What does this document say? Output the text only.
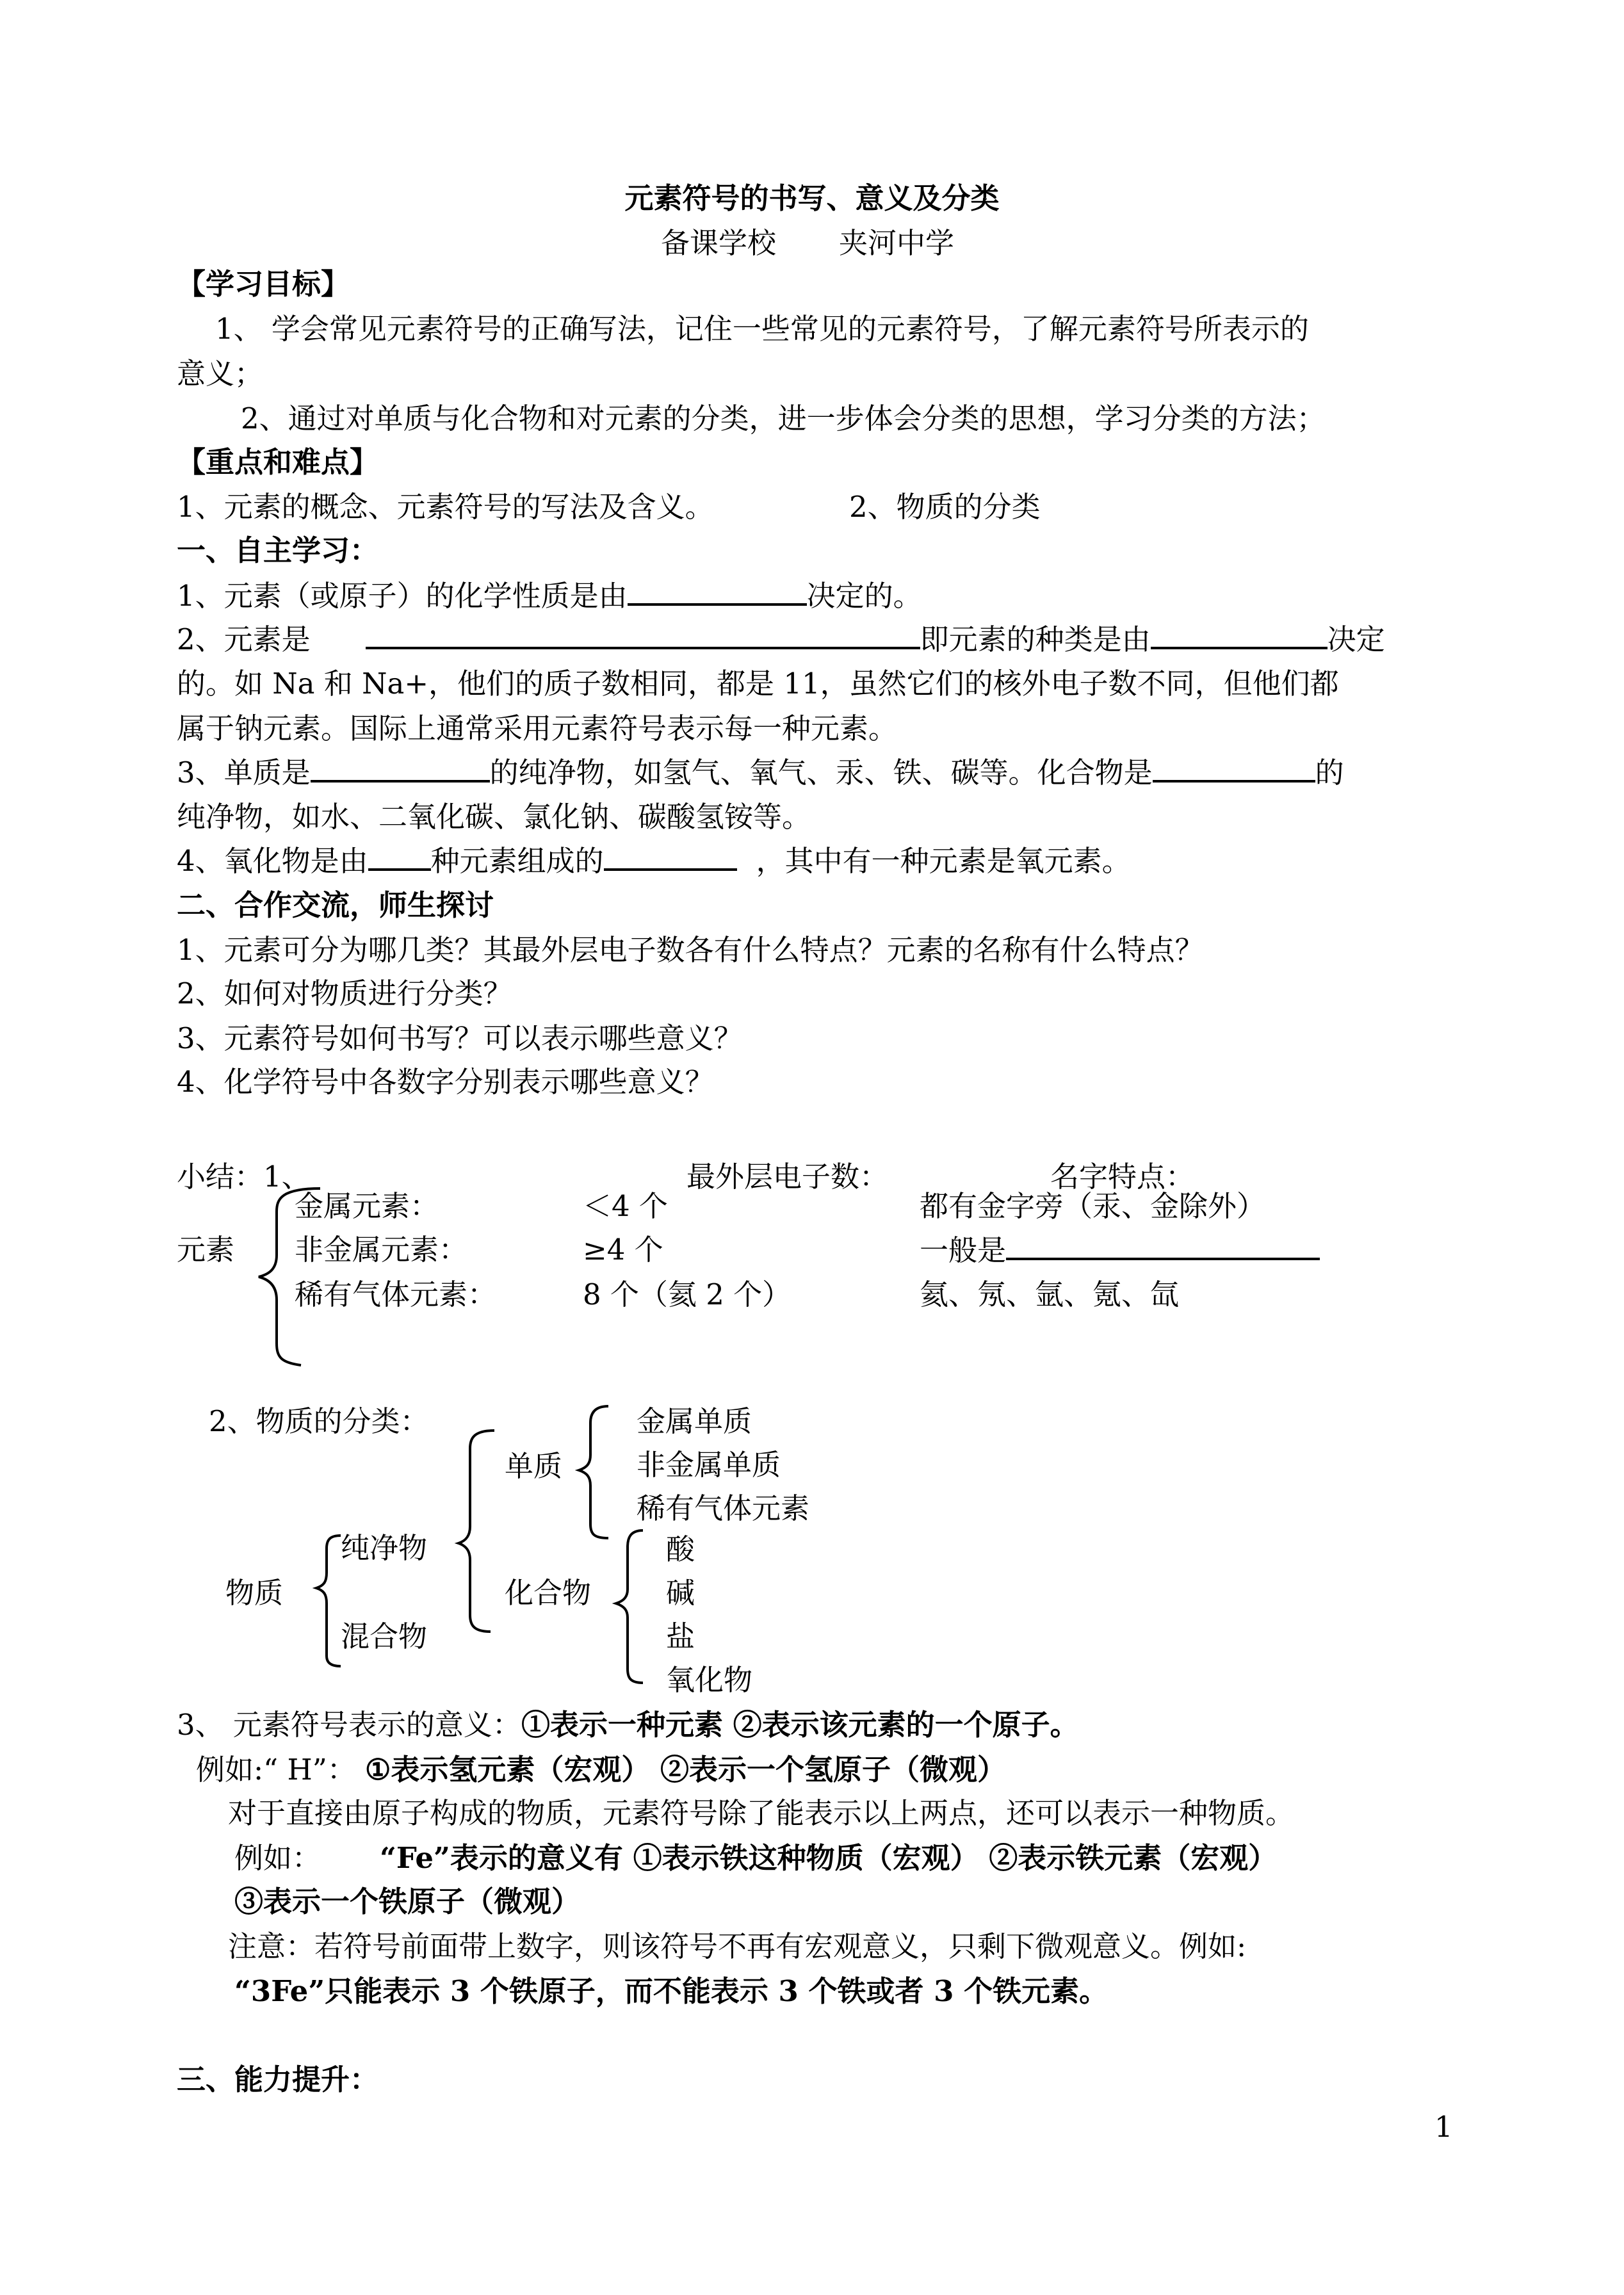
元素符号的书写、意义及分类
备课学校 夹河中学
【学习目标】
1、 学会常见元素符号的正确写法，记住一些常见的元素符号，了解元素符号所表示的
意义；
2、通过对单质与化合物和对元素的分类，进一步体会分类的思想，学习分类的方法；
【重点和难点】
1、元素的概念、元素符号的写法及含义。	2、物质的分类
一、自主学习：
1、元素（或原子）的化学性质是由	决定的。
2、元素是	即元素的种类是由	决定
的。如 Na 和 Na+，他们的质子数相同，都是 11，虽然它们的核外电子数不同，但他们都
属于钠元素。国际上通常采用元素符号表示每一种元素。
3、单质是	的纯净物，如氢气、氧气、汞、铁、碳等。化合物是	的
纯净物，如水、二氧化碳、氯化钠、碳酸氢铵等。
4、氧化物是由 种元素组成的	，其中有一种元素是氧元素。
二、合作交流，师生探讨
1、元素可分为哪几类？其最外层电子数各有什么特点？元素的名称有什么特点？
2、如何对物质进行分类？
3、元素符号如何书写？可以表示哪些意义？
4、化学符号中各数字分别表示哪些意义？
小结：1、	最外层电子数：	名字特点：
元素
金属元素：	＜4 个	都有金字旁（汞、金除外）
非金属元素：	≥4 个	一般是
稀有气体元素：	8 个（氦 2 个）	氦、氖、氩、氪、氙
2、物质的分类：
物质
纯净物
混合物
单质
化合物
金属单质
非金属单质
稀有气体元素
酸
碱
盐
氧化物
3、 元素符号表示的意义：①表示一种元素 ②表示该元素的一个原子。
例如:“ H”： ①表示氢元素（宏观） ②表示一个氢原子（微观）
对于直接由原子构成的物质，元素符号除了能表示以上两点，还可以表示一种物质。
例如： “Fe”表示的意义有 ①表示铁这种物质（宏观） ②表示铁元素（宏观）
③表示一个铁原子（微观）
注意：若符号前面带上数字，则该符号不再有宏观意义，只剩下微观意义。例如:
“3Fe”只能表示 3 个铁原子，而不能表示 3 个铁或者 3 个铁元素。
三、能力提升：
1
